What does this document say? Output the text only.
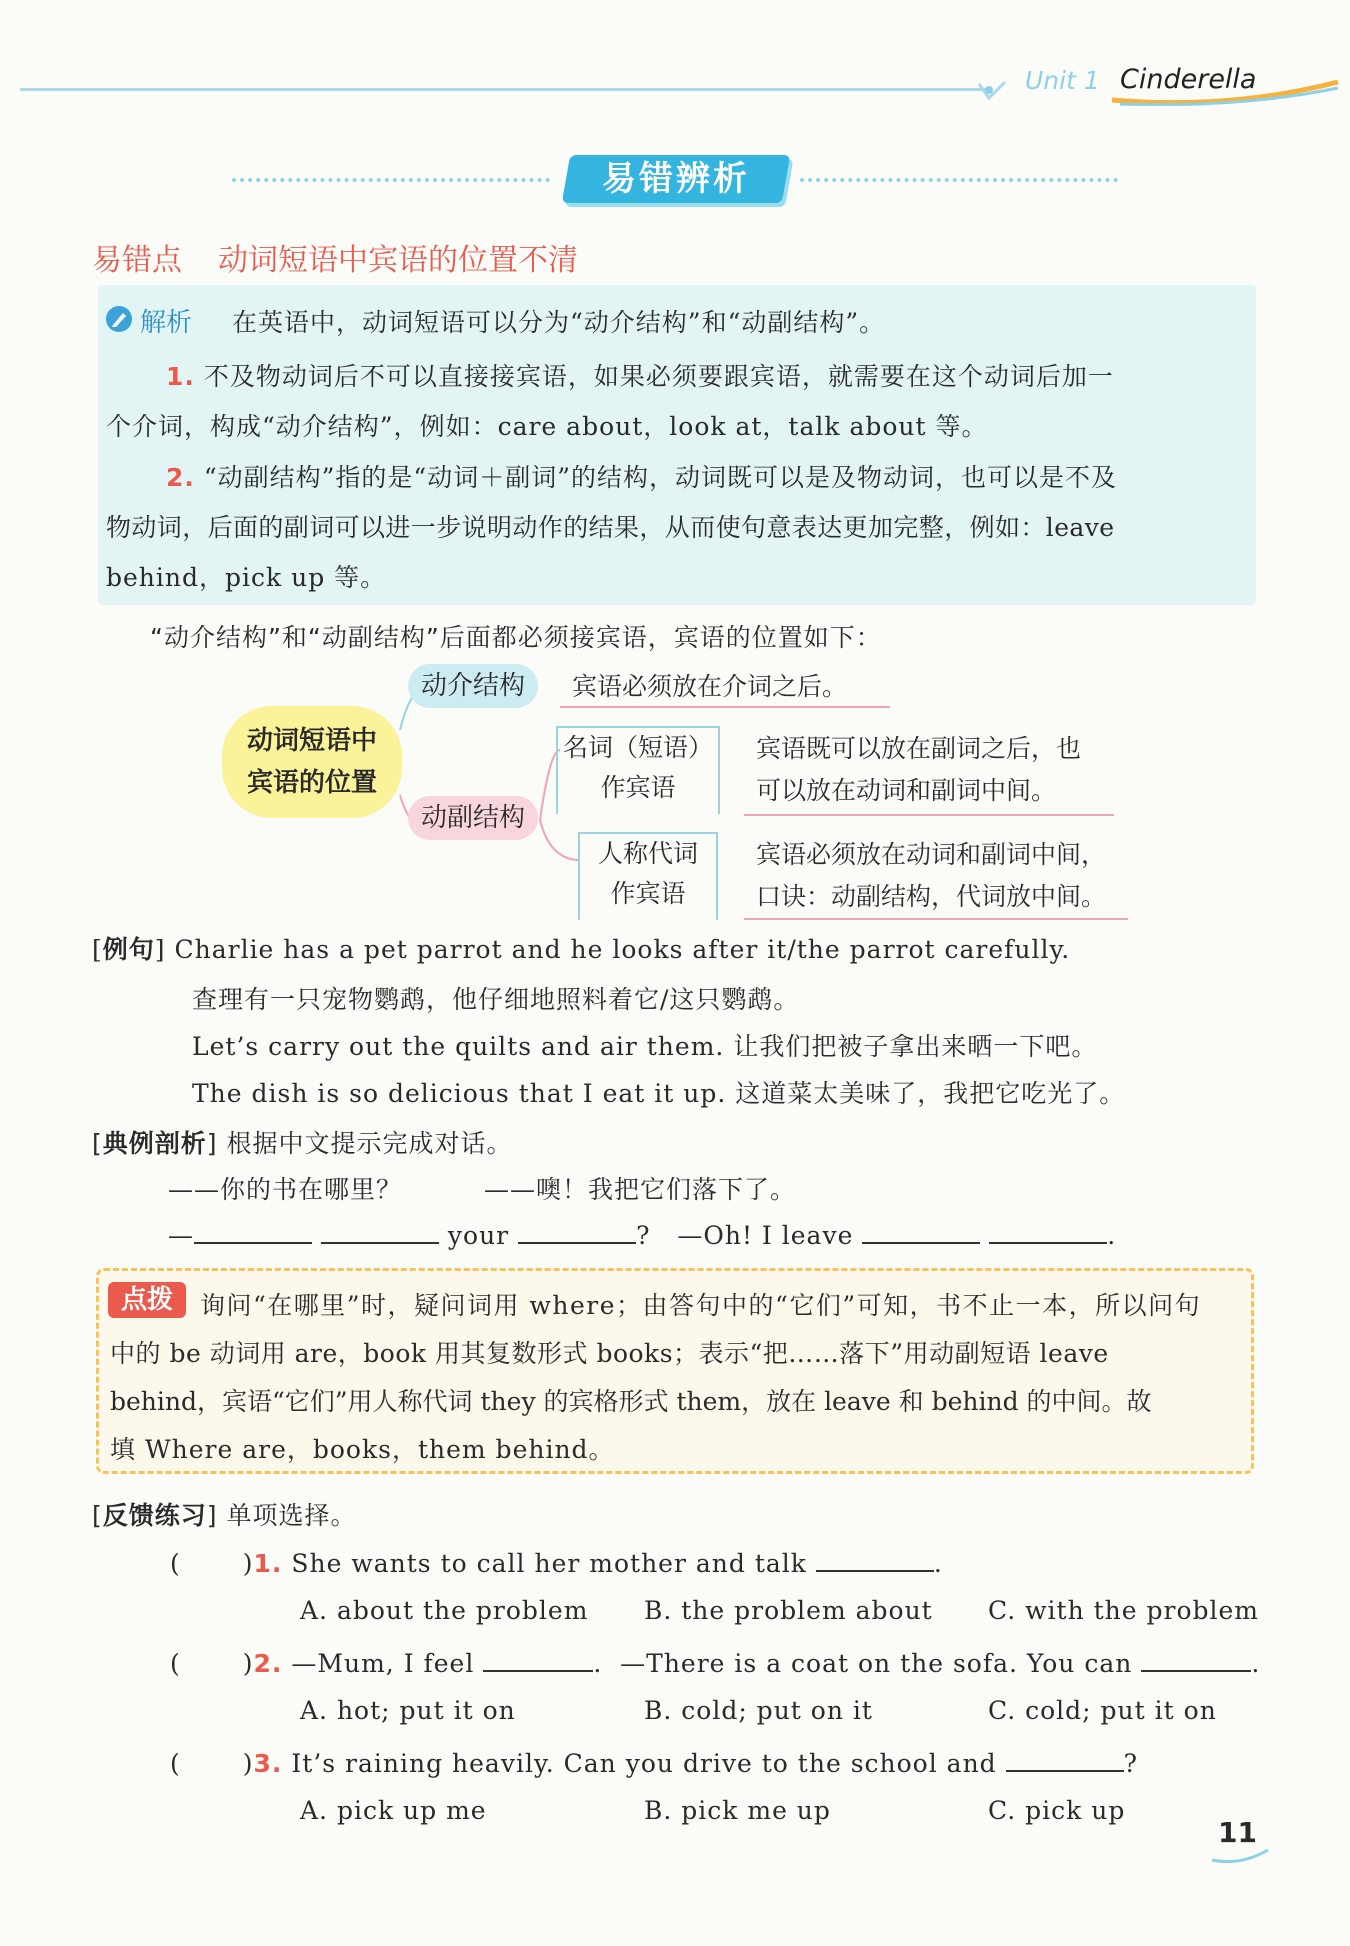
Unit 1 Cinderella
易错辨析
易错点 动词短语中宾语的位置不清
解析 在英语中，动词短语可以分为“动介结构”和“动副结构”。
1. 不及物动词后不可以直接接宾语，如果必须要跟宾语，就需要在这个动词后加一
个介词，构成“动介结构”，例如：care about，look at，talk about 等。
2. “动副结构”指的是“动词＋副词”的结构，动词既可以是及物动词，也可以是不及
物动词，后面的副词可以进一步说明动作的结果，从而使句意表达更加完整，例如：leave
behind，pick up 等。
“动介结构”和“动副结构”后面都必须接宾语，宾语的位置如下：
动词短语中
宾语的位置
动介结构	宾语必须放在介词之后。
动副结构
名词（短语）
作宾语
宾语既可以放在副词之后，也
可以放在动词和副词中间。
人称代词
作宾语
宾语必须放在动词和副词中间，
口诀：动副结构，代词放中间。
[例句] Charlie has a pet parrot and he looks after it/the parrot carefully.
查理有一只宠物鹦鹉，他仔细地照料着它/这只鹦鹉。
Let’s carry out the quilts and air them. 让我们把被子拿出来晒一下吧。
The dish is so delicious that I eat it up. 这道菜太美味了，我把它吃光了。
[典例剖析] 根据中文提示完成对话。
——你的书在哪里？	——噢！我把它们落下了。
—	your	? —Oh! I leave	.
点拨	询问“在哪里”时，疑问词用 where；由答句中的“它们”可知，书不止一本，所以问句
中的 be 动词用 are，book 用其复数形式 books；表示“把……落下”用动副短语 leave
behind，宾语“它们”用人称代词 they 的宾格形式 them，放在 leave 和 behind 的中间。故
填 Where are，books，them behind。
[反馈练习] 单项选择。
( )1. She wants to call her mother and talk	.
A. about the problem B. the problem about C. with the problem
( )2. —Mum, I feel	.  —There is a coat on the sofa. You can	.
A. hot; put it on	B. cold; put on it	C. cold; put it on
( )3. It’s raining heavily. Can you drive to the school and	?
A. pick up me	B. pick me up	C. pick up
11
